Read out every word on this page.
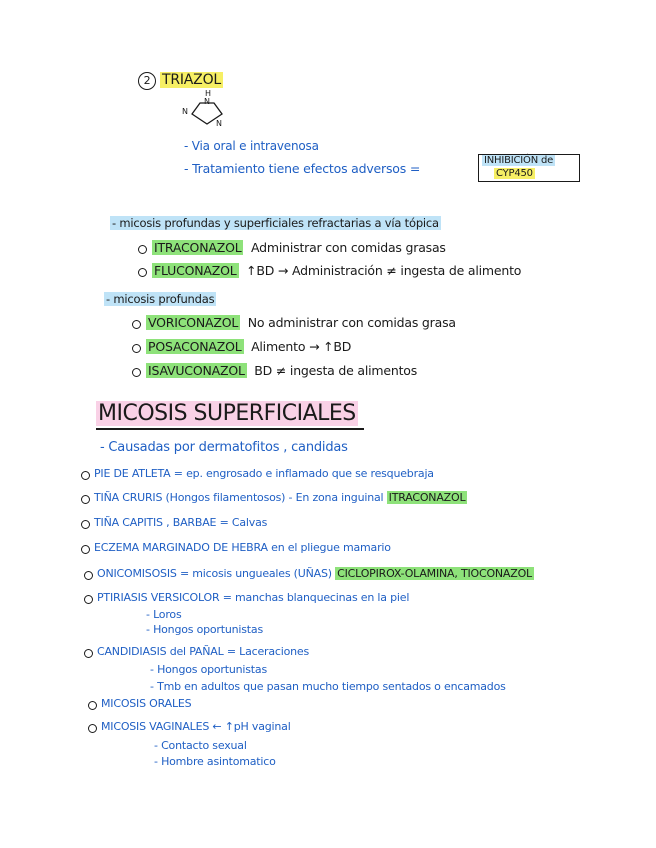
2 TRIAZOL
H
N
N
N
- Via oral e intravenosa
- Tratamiento tiene efectos adversos =
INHIBICIÓN de
CYP450
- micosis profundas y superficiales refractarias a vía tópica
ITRACONAZOL Administrar con comidas grasas
FLUCONAZOL ↑BD → Administración ≠ ingesta de alimento
- micosis profundas
VORICONAZOL No administrar con comidas grasa
POSACONAZOL Alimento → ↑BD
ISAVUCONAZOL BD ≠ ingesta de alimentos
MICOSIS SUPERFICIALES
- Causadas por dermatofitos , candidas
PIE DE ATLETA = ep. engrosado e inflamado que se resquebraja
TIÑA CRURIS (Hongos filamentosos) - En zona inguinal ITRACONAZOL
TIÑA CAPITIS , BARBAE = Calvas
ECZEMA MARGINADO DE HEBRA en el pliegue mamario
ONICOMISOSIS = micosis ungueales (UÑAS) CICLOPIROX-OLAMINA, TIOCONAZOL
PTIRIASIS VERSICOLOR = manchas blanquecinas en la piel
- Loros
- Hongos oportunistas
CANDIDIASIS del PAÑAL = Laceraciones
- Hongos oportunistas
- Tmb en adultos que pasan mucho tiempo sentados o encamados
MICOSIS ORALES
MICOSIS VAGINALES ← ↑pH vaginal
- Contacto sexual
- Hombre asintomatico
